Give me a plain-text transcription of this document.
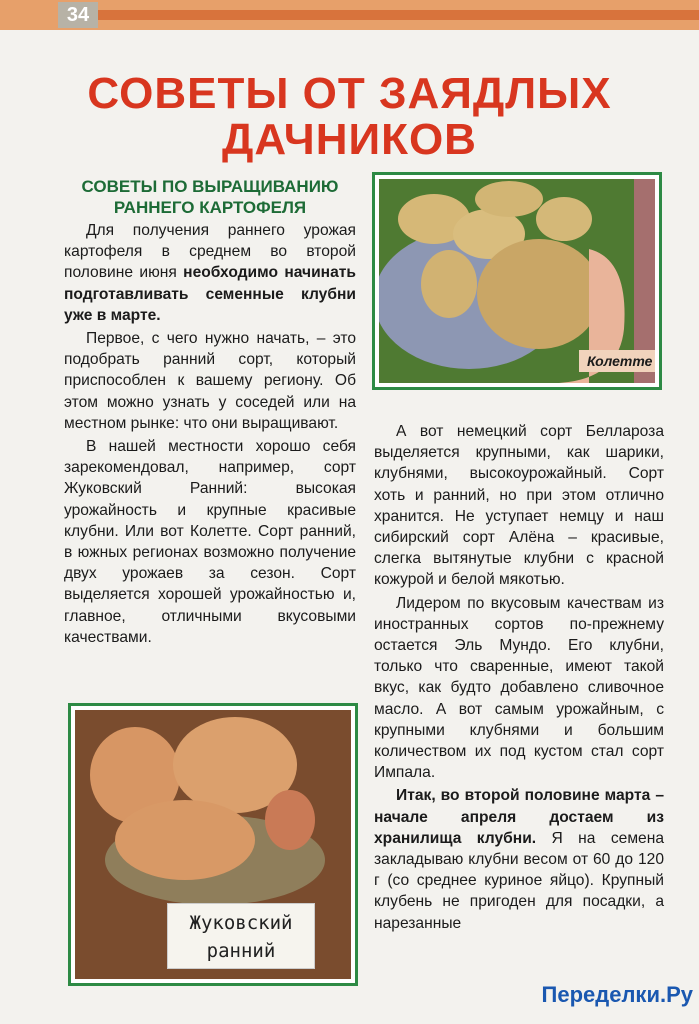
34
СОВЕТЫ ОТ ЗАЯДЛЫХ
ДАЧНИКОВ
СОВЕТЫ ПО ВЫРАЩИВАНИЮ
РАННЕГО КАРТОФЕЛЯ

Для получения раннего урожая картофеля в среднем во второй половине июня необходимо начинать подготавливать семенные клубни уже в марте.

Первое, с чего нужно начать, – это подобрать ранний сорт, который приспособлен к вашему региону. Об этом можно узнать у соседей или на местном рынке: что они выращивают.

В нашей местности хорошо себя зарекомендовал, например, сорт Жуковский Ранний: высокая урожайность и крупные красивые клубни. Или вот Колетте. Сорт ранний, в южных регионах возможно получение двух урожаев за сезон. Сорт выделяется хорошей урожайностью и, главное, отличными вкусовыми качествами.

Колетте

А вот немецкий сорт Беллароза выделяется крупными, как шарики, клубнями, высокоурожайный. Сорт хоть и ранний, но при этом отлично хранится. Не уступает немцу и наш сибирский сорт Алёна – красивые, слегка вытянутые клубни с красной кожурой и белой мякотью.

Лидером по вкусовым качествам из иностранных сортов по-прежнему остается Эль Мундо. Его клубни, только что сваренные, имеют такой вкус, как будто добавлено сливочное масло. А вот самым урожайным, с крупными клубнями и большим количеством их под кустом стал сорт Импала.

Итак, во второй половине марта – начале апреля достаем из хранилища клубни. Я на семена закладываю клубни весом от 60 до 120 г (со среднее куриное яйцо). Крупный клубень не пригоден для посадки, а нарезанные

Жуковский
ранний
Переделки.Ру
